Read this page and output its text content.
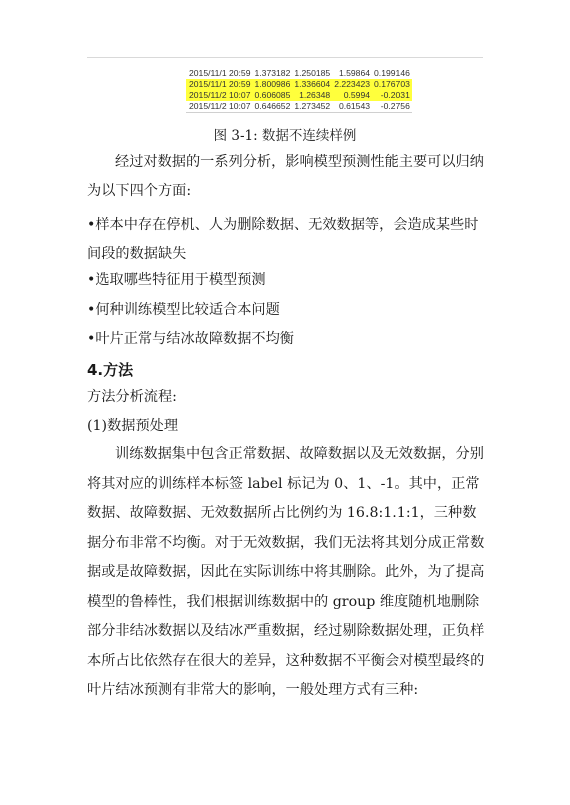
2015/11/1 20:59	1.373182	1.250185	1.59864	0.199146
2015/11/1 20:59	1.800986	1.336604	2.223423	0.176703
2015/11/2 10:07	0.606085	1.26348	0.5994	-0.2031
2015/11/2 10:07	0.646652	1.273452	0.61543	-0.2756
图 3-1: 数据不连续样例

经过对数据的一系列分析，影响模型预测性能主要可以归纳为以下四个方面:

•样本中存在停机、人为删除数据、无效数据等，会造成某些时间段的数据缺失
•选取哪些特征用于模型预测
•何种训练模型比较适合本问题
•叶片正常与结冰故障数据不均衡
4.方法
方法分析流程:
(1)数据预处理

训练数据集中包含正常数据、故障数据以及无效数据，分别将其对应的训练样本标签 label 标记为 0、1、-1。其中，正常数据、故障数据、无效数据所占比例约为 16.8:1.1:1，三种数据分布非常不均衡。对于无效数据，我们无法将其划分成正常数据或是故障数据，因此在实际训练中将其删除。此外，为了提高模型的鲁棒性，我们根据训练数据中的 group 维度随机地删除部分非结冰数据以及结冰严重数据，经过剔除数据处理，正负样本所占比依然存在很大的差异，这种数据不平衡会对模型最终的叶片结冰预测有非常大的影响，一般处理方式有三种:
